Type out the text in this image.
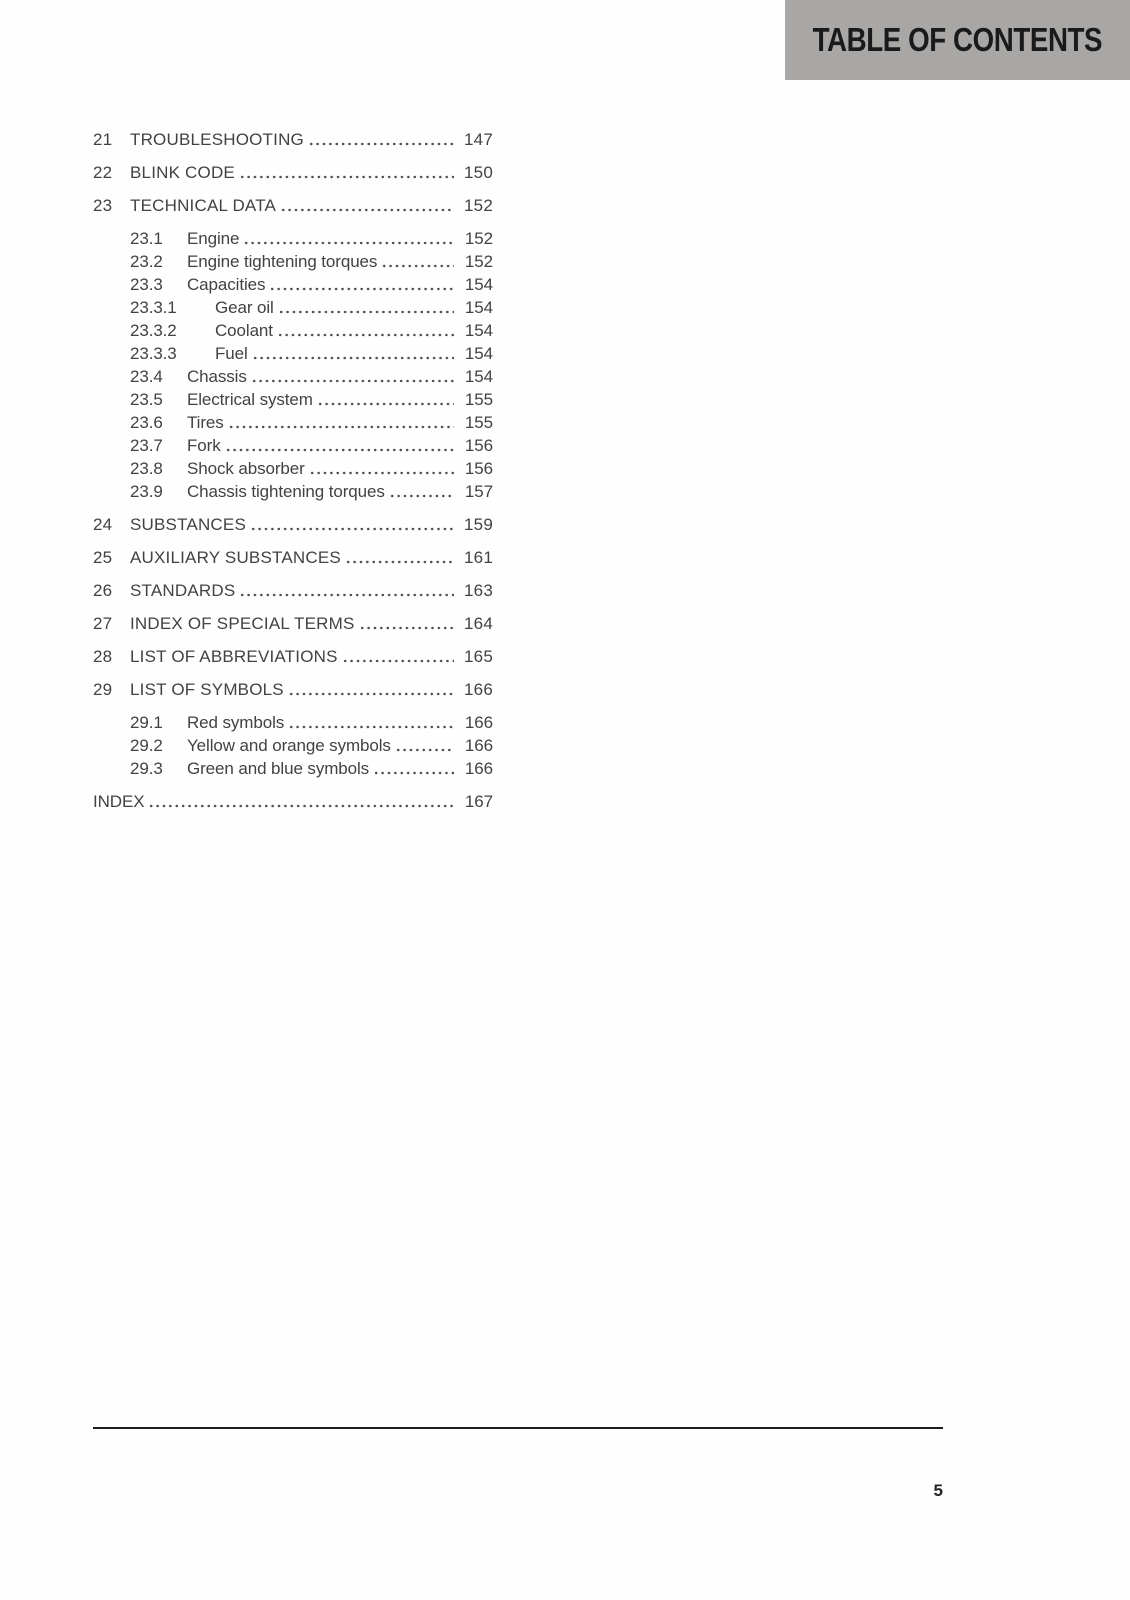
TABLE OF CONTENTS
21	TROUBLESHOOTING	147
22	BLINK CODE	150
23	TECHNICAL DATA	152
23.1	Engine	152
23.2	Engine tightening torques	152
23.3	Capacities	154
23.3.1	Gear oil	154
23.3.2	Coolant	154
23.3.3	Fuel	154
23.4	Chassis	154
23.5	Electrical system	155
23.6	Tires	155
23.7	Fork	156
23.8	Shock absorber	156
23.9	Chassis tightening torques	157
24	SUBSTANCES	159
25	AUXILIARY SUBSTANCES	161
26	STANDARDS	163
27	INDEX OF SPECIAL TERMS	164
28	LIST OF ABBREVIATIONS	165
29	LIST OF SYMBOLS	166
29.1	Red symbols	166
29.2	Yellow and orange symbols	166
29.3	Green and blue symbols	166
INDEX	167
5
